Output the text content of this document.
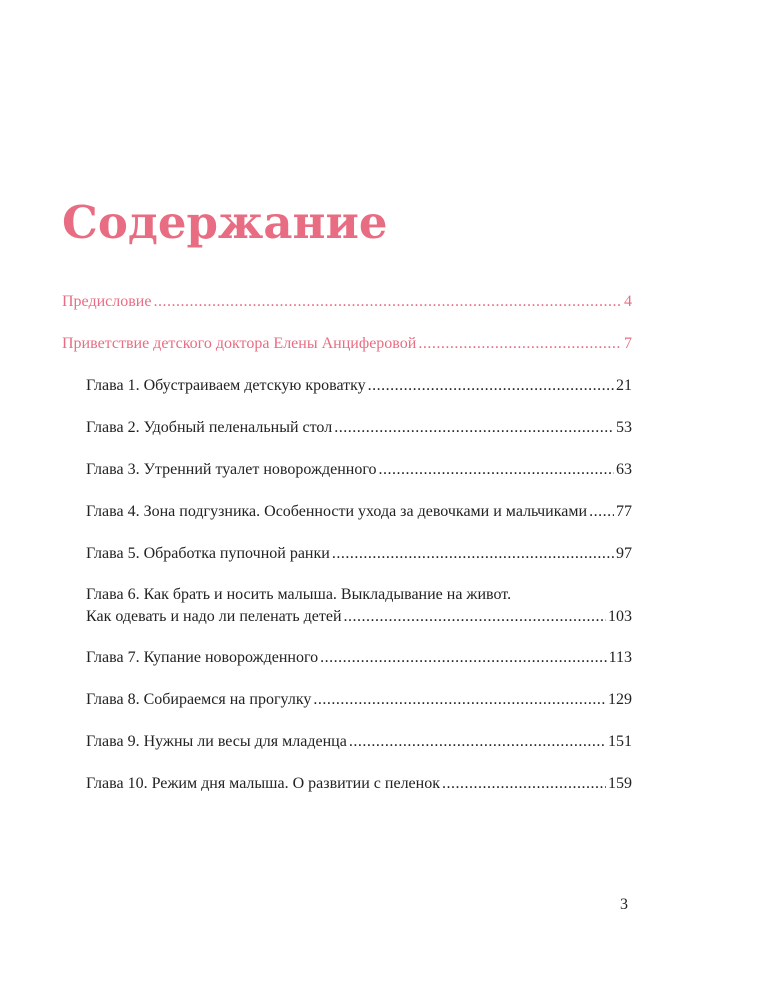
Содержание
Предисловие .....	4
Приветствие детского доктора Елены Анциферовой .....	7
Глава 1. Обустраиваем детскую кроватку .....	21
Глава 2. Удобный пеленальный стол .....	53
Глава 3. Утренний туалет новорожденного .....	63
Глава 4. Зона подгузника. Особенности ухода за девочками и мальчиками ..... 77
Глава 5. Обработка пупочной ранки .....	97
Глава 6. Как брать и носить малыша. Выкладывание на живот.
Как одевать и надо ли пеленать детей .....	103
Глава 7. Купание новорожденного .....	113
Глава 8. Собираемся на прогулку .....	129
Глава 9. Нужны ли весы для младенца .....	151
Глава 10. Режим дня малыша. О развитии с пеленок .....	159
3
